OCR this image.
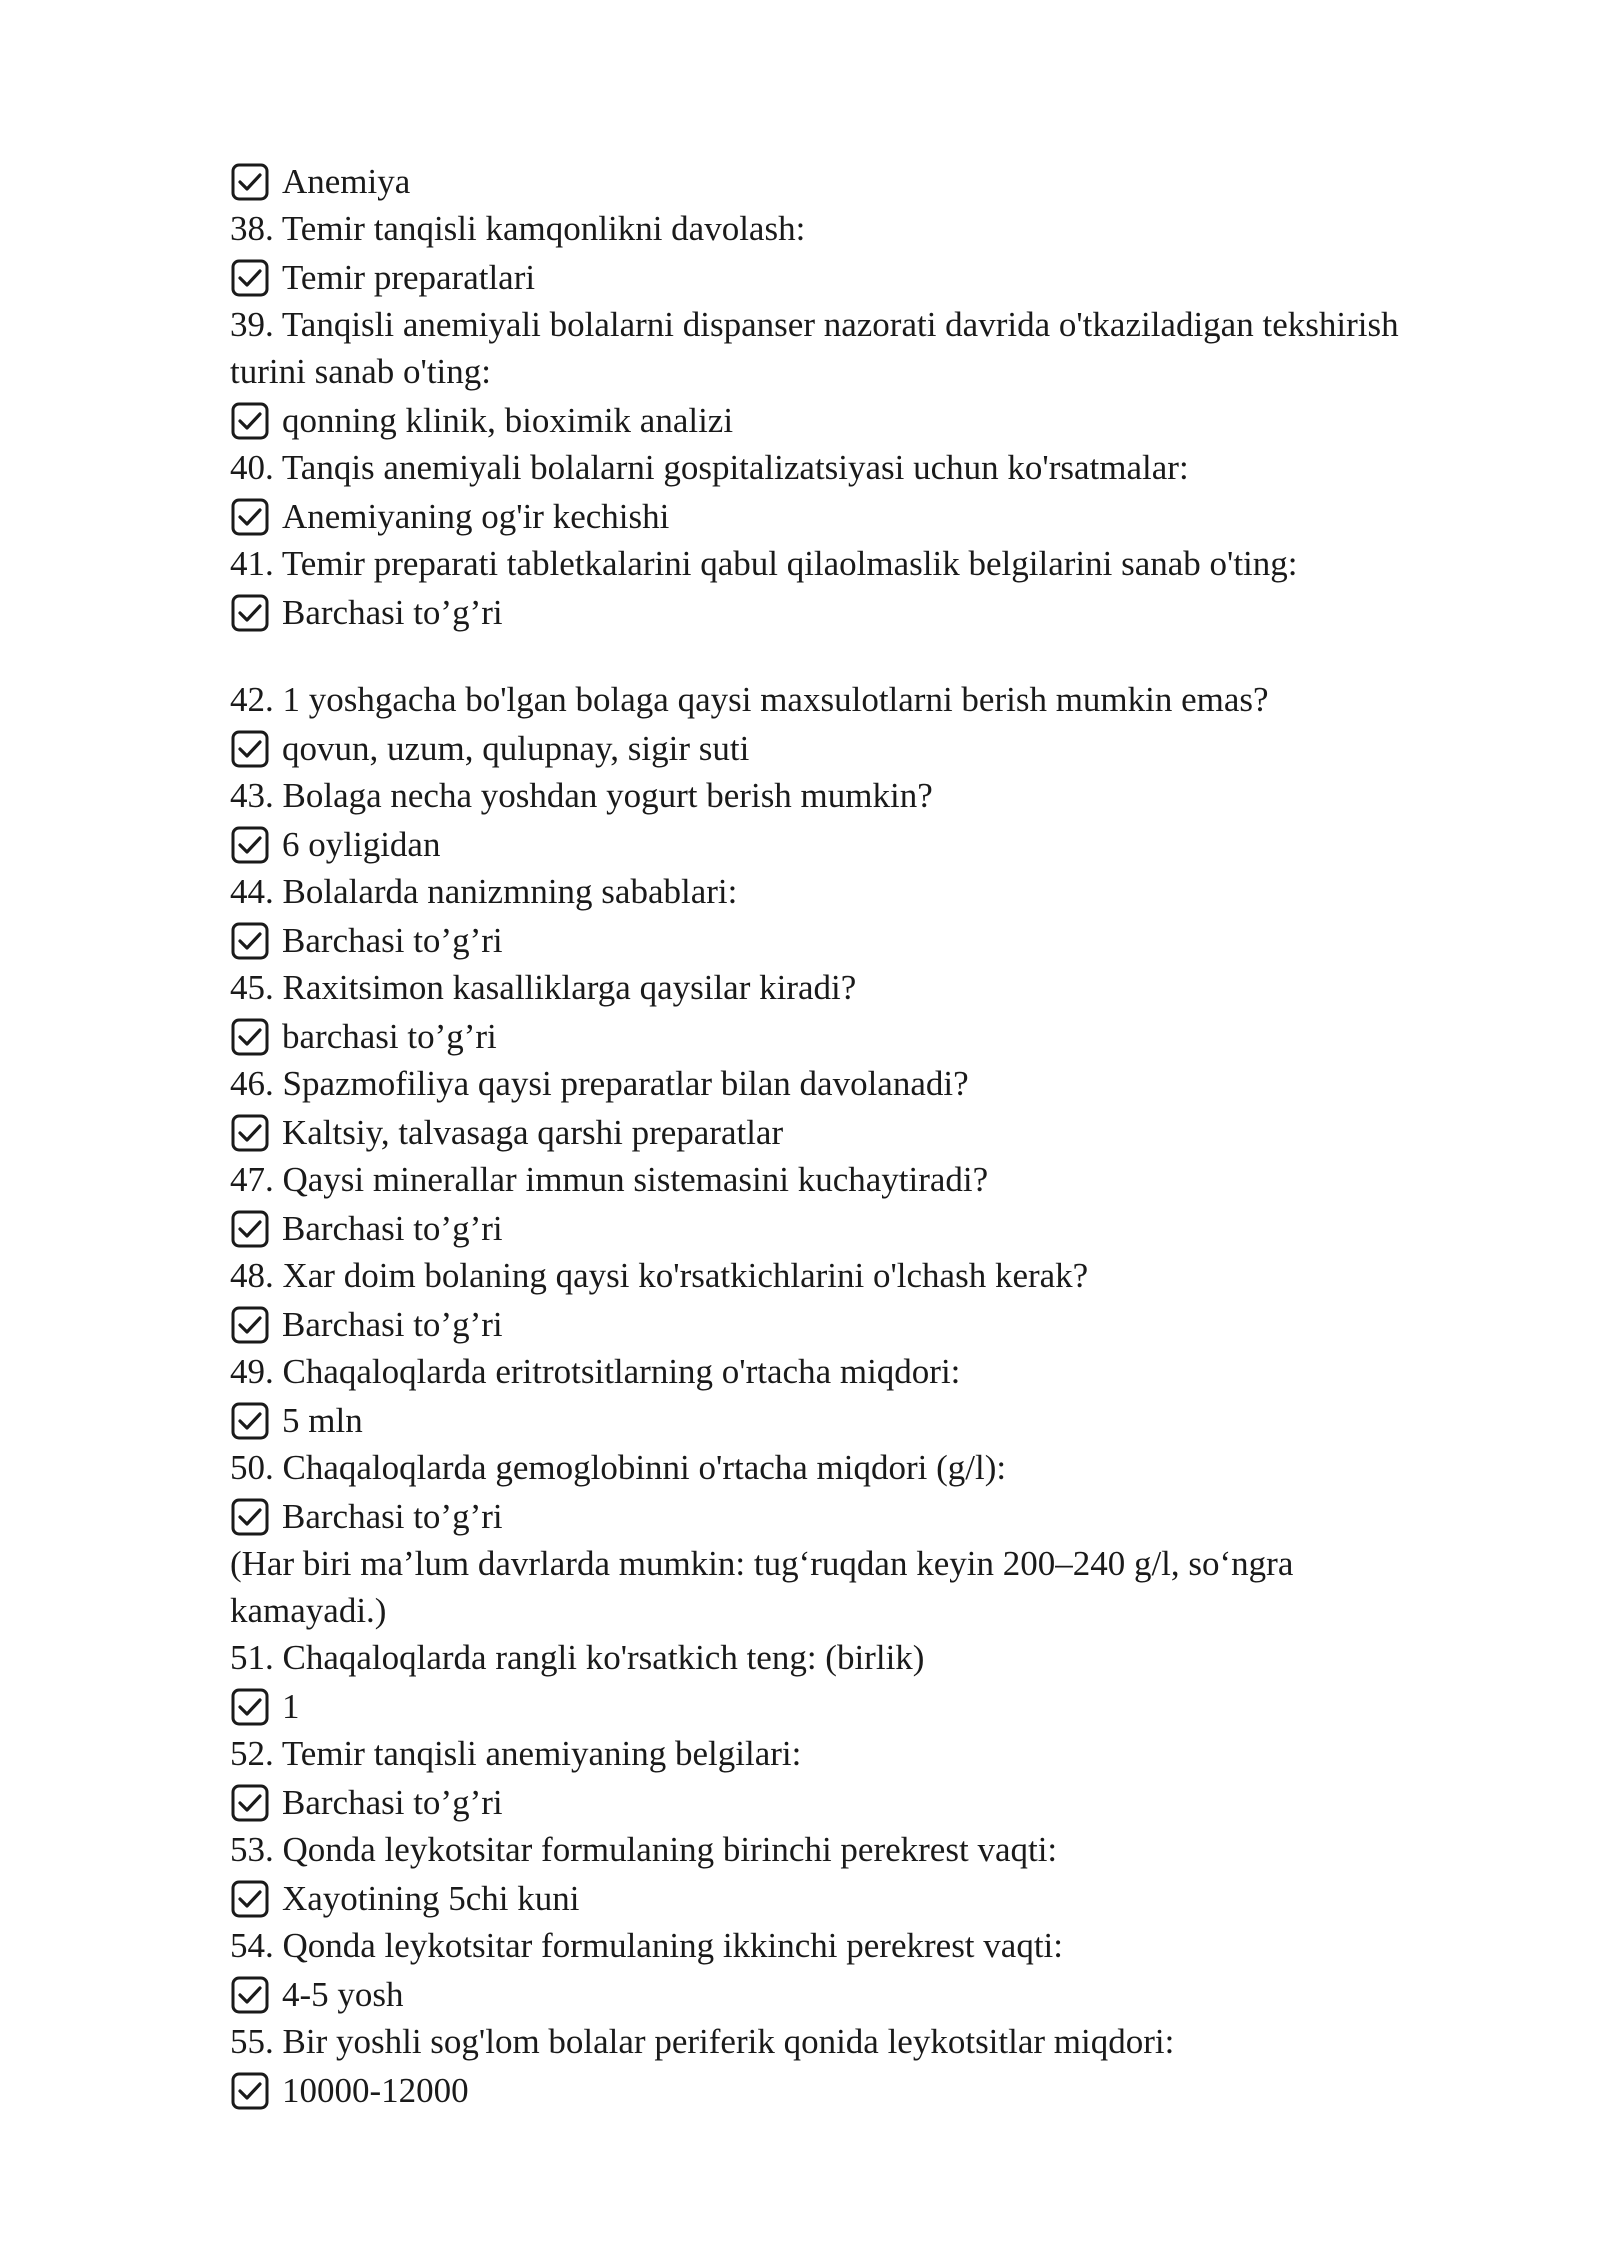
Anemiya
38. Temir tanqisli kamqonlikni davolash:
Temir preparatlari
39. Tanqisli anemiyali bolalarni dispanser nazorati davrida o'tkaziladigan tekshirish turini sanab o'ting:
qonning klinik, bioximik analizi
40. Tanqis anemiyali bolalarni gospitalizatsiyasi uchun ko'rsatmalar:
Anemiyaning og'ir kechishi
41. Temir preparati tabletkalarini qabul qilaolmaslik belgilarini sanab o'ting:
Barchasi to’g’ri
42. 1 yoshgacha bo'lgan bolaga qaysi maxsulotlarni berish mumkin emas?
qovun, uzum, qulupnay, sigir suti
43. Bolaga necha yoshdan yogurt berish mumkin?
6 oyligidan
44. Bolalarda nanizmning sabablari:
Barchasi to’g’ri
45. Raxitsimon kasalliklarga qaysilar kiradi?
barchasi to’g’ri
46. Spazmofiliya qaysi preparatlar bilan davolanadi?
Kaltsiy, talvasaga qarshi preparatlar
47. Qaysi minerallar immun sistemasini kuchaytiradi?
Barchasi to’g’ri
48. Xar doim bolaning qaysi ko'rsatkichlarini o'lchash kerak?
Barchasi to’g’ri
49. Chaqaloqlarda eritrotsitlarning o'rtacha miqdori:
5 mln
50. Chaqaloqlarda gemoglobinni o'rtacha miqdori (g/l):
Barchasi to’g’ri
(Har biri ma’lum davrlarda mumkin: tug‘ruqdan keyin 200–240 g/l, so‘ngra kamayadi.)
51. Chaqaloqlarda rangli ko'rsatkich teng: (birlik)
1
52. Temir tanqisli anemiyaning belgilari:
Barchasi to’g’ri
53. Qonda leykotsitar formulaning birinchi perekrest vaqti:
Xayotining 5chi kuni
54. Qonda leykotsitar formulaning ikkinchi perekrest vaqti:
4-5 yosh
55. Bir yoshli sog'lom bolalar periferik qonida leykotsitlar miqdori:
10000-12000
